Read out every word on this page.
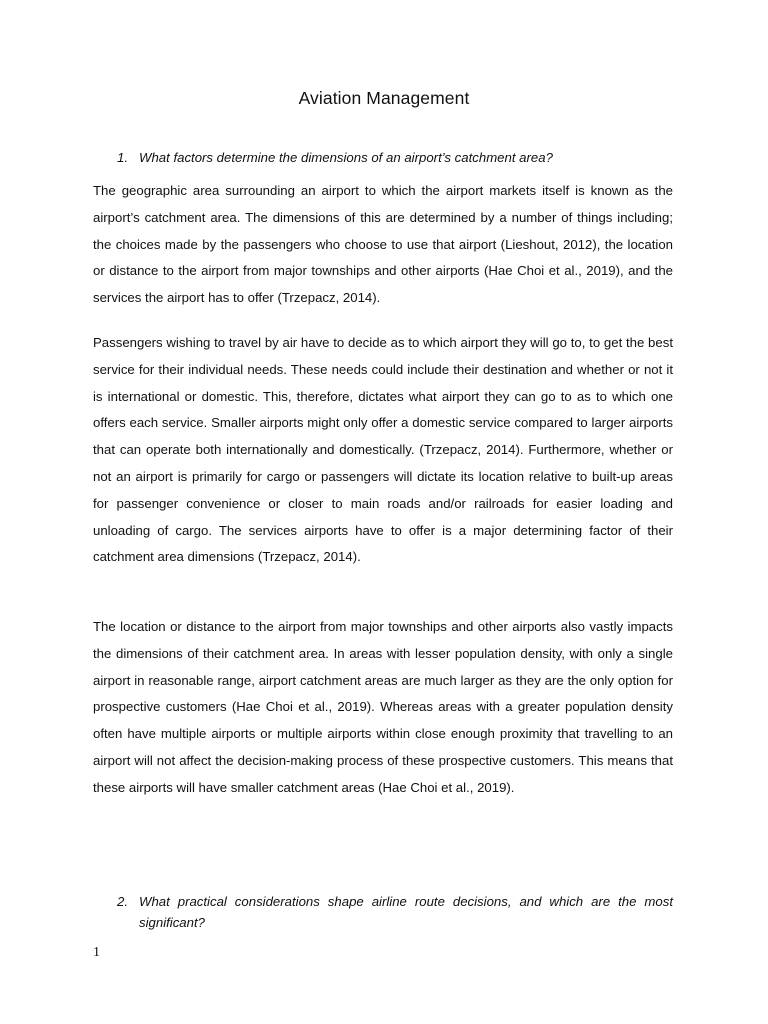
Aviation Management
1. What factors determine the dimensions of an airport’s catchment area?

The geographic area surrounding an airport to which the airport markets itself is known as the airport’s catchment area. The dimensions of this are determined by a number of things including; the choices made by the passengers who choose to use that airport (Lieshout, 2012), the location or distance to the airport from major townships and other airports (Hae Choi et al., 2019), and the services the airport has to offer (Trzepacz, 2014).

Passengers wishing to travel by air have to decide as to which airport they will go to, to get the best service for their individual needs. These needs could include their destination and whether or not it is international or domestic. This, therefore, dictates what airport they can go to as to which one offers each service. Smaller airports might only offer a domestic service compared to larger airports that can operate both internationally and domestically. (Trzepacz, 2014). Furthermore, whether or not an airport is primarily for cargo or passengers will dictate its location relative to built-up areas for passenger convenience or closer to main roads and/or railroads for easier loading and unloading of cargo. The services airports have to offer is a major determining factor of their catchment area dimensions (Trzepacz, 2014).

The location or distance to the airport from major townships and other airports also vastly impacts the dimensions of their catchment area. In areas with lesser population density, with only a single airport in reasonable range, airport catchment areas are much larger as they are the only option for prospective customers (Hae Choi et al., 2019). Whereas areas with a greater population density often have multiple airports or multiple airports within close enough proximity that travelling to an airport will not affect the decision-making process of these prospective customers. This means that these airports will have smaller catchment areas (Hae Choi et al., 2019).

2. What practical considerations shape airline route decisions, and which are the most significant?
1
